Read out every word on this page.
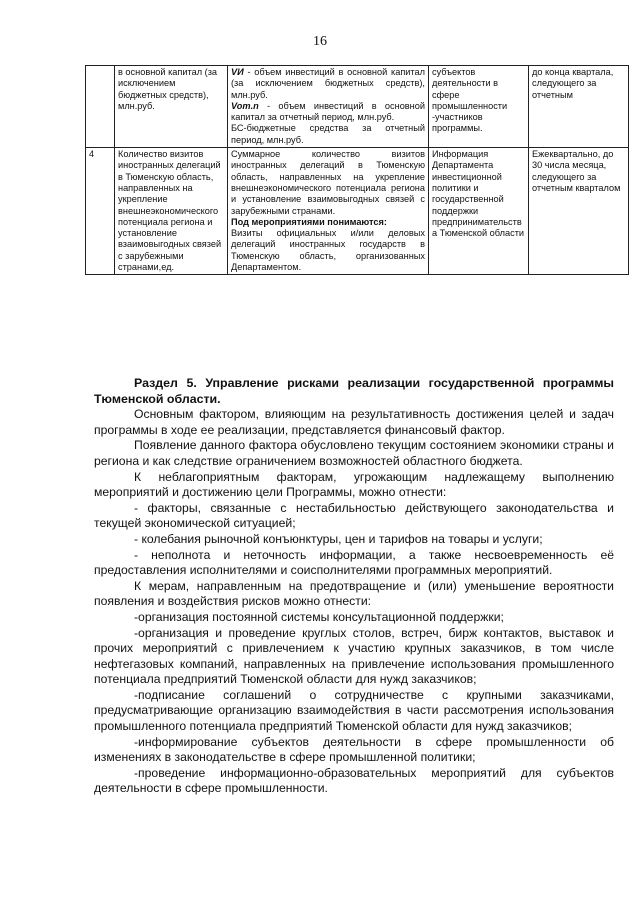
16
	в основной капитал (за исключением бюджетных средств), млн.руб.	VИ - объем инвестиций в основной капитал (за исключением бюджетных средств), млн.руб.
Vom.n - объем инвестиций в основной капитал за отчетный период, млн.руб.
БС-бюджетные средства за отчетный период, млн.руб.	субъектов деятельности в сфере промышленности -участников программы.	до конца квартала, следующего за отчетным
4	Количество визитов иностранных делегаций в Тюменскую область, направленных на укрепление внешнеэкономического потенциала региона и установление взаимовыгодных связей с зарубежными странами,ед.	Суммарное количество визитов иностранных делегаций в Тюменскую область, направленных на укрепление внешнеэкономического потенциала региона и установление взаимовыгодных связей с зарубежными странами.
Под мероприятиями понимаются:
Визиты официальных и/или деловых делегаций иностранных государств в Тюменскую область, организованных Департаментом.	Информация Департамента инвестиционной политики и государственной поддержки предпринимательства Тюменской области	Ежеквартально, до 30 числа месяца, следующего за отчетным кварталом
Раздел 5. Управление рисками реализации государственной программы Тюменской области.

Основным фактором, влияющим на результативность достижения целей и задач программы в ходе ее реализации, представляется финансовый фактор.

Появление данного фактора обусловлено текущим состоянием экономики страны и региона и как следствие ограничением возможностей областного бюджета.

К неблагоприятным факторам, угрожающим надлежащему выполнению мероприятий и достижению цели Программы, можно отнести:

- факторы, связанные с нестабильностью действующего законодательства и текущей экономической ситуацией;

- колебания рыночной конъюнктуры, цен и тарифов на товары и услуги;

- неполнота и неточность информации, а также несвоевременность её предоставления исполнителями и соисполнителями программных мероприятий.

К мерам, направленным на предотвращение и (или) уменьшение вероятности появления и воздействия рисков можно отнести:

-организация постоянной системы консультационной поддержки;

-организация и проведение круглых столов, встреч, бирж контактов, выставок и прочих мероприятий с привлечением к участию крупных заказчиков, в том числе нефтегазовых компаний, направленных на привлечение использования промышленного потенциала предприятий Тюменской области для нужд заказчиков;

-подписание соглашений о сотрудничестве с крупными заказчиками, предусматривающие организацию взаимодействия в части рассмотрения использования промышленного потенциала предприятий Тюменской области для нужд заказчиков;

-информирование субъектов деятельности в сфере промышленности об изменениях в законодательстве в сфере промышленной политики;

-проведение информационно-образовательных мероприятий для субъектов деятельности в сфере промышленности.
